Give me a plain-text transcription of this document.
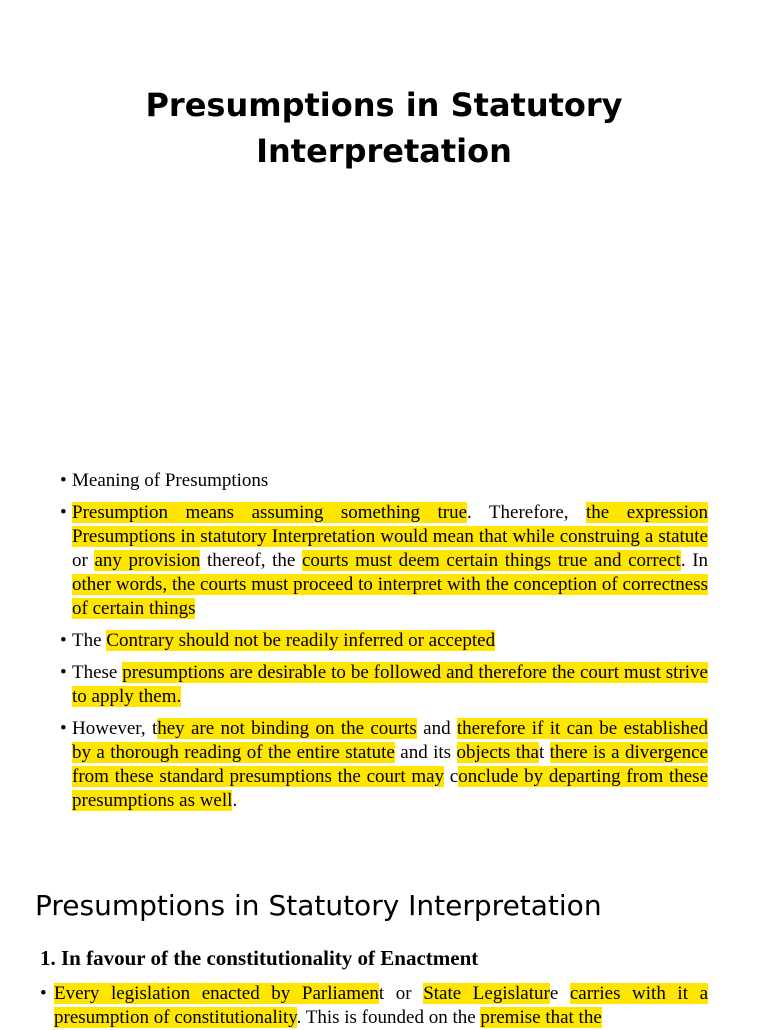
Presumptions in Statutory
Interpretation
• Meaning of Presumptions
• Presumption means assuming something true. Therefore, the expression Presumptions in statutory Interpretation would mean that while construing a statute or any provision thereof, the courts must deem certain things true and correct. In other words, the courts must proceed to interpret with the conception of correctness of certain things
• The Contrary should not be readily inferred or accepted
• These presumptions are desirable to be followed and therefore the court must strive to apply them.
• However, they are not binding on the courts and therefore if it can be established by a thorough reading of the entire statute and its objects that there is a divergence from these standard presumptions the court may conclude by departing from these presumptions as well.
Presumptions in Statutory Interpretation
1. In favour of the constitutionality of Enactment
• Every legislation enacted by Parliament or State Legislature carries with it a presumption of constitutionality. This is founded on the premise that the
